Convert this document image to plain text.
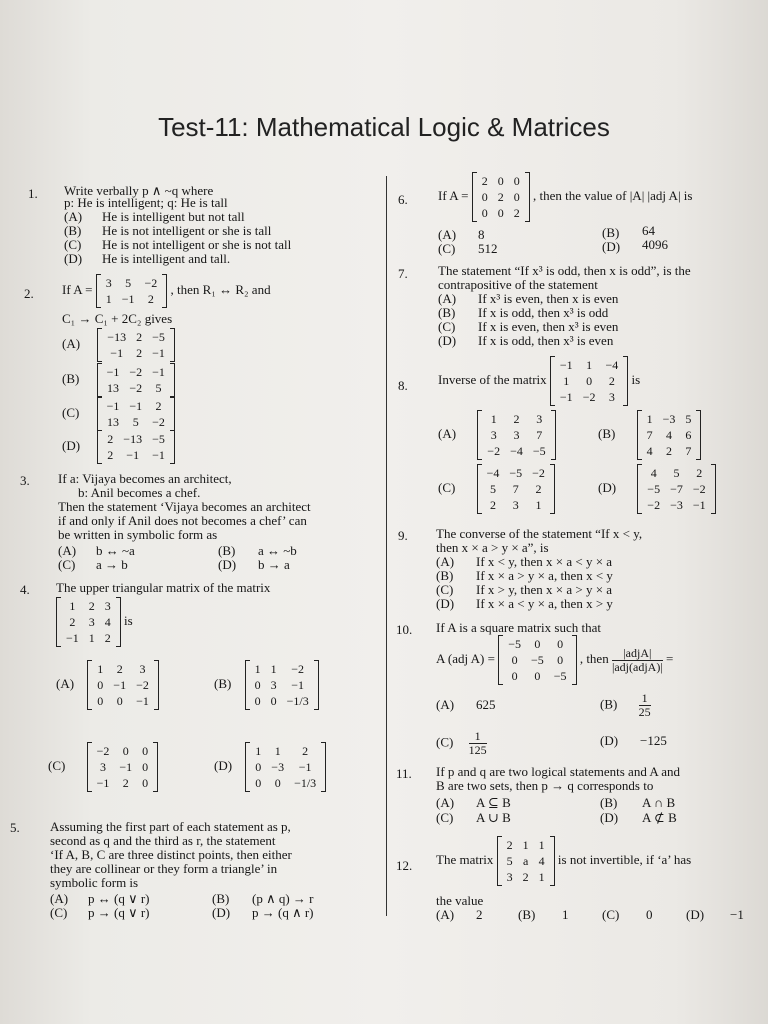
Test-11: Mathematical Logic & Matrices
1. Write verbally p ∧ ~q where
p: He is intelligent; q: He is tall
(A) He is intelligent but not tall
(B) He is not intelligent or she is tall
(C) He is not intelligent or she is not tall
(D) He is intelligent and tall.
2. If A = 3	5	−2
1	−1	2
, then R₁ ↔ R₂ and
C₁ → C₁ + 2C₂ gives
(A) −13	2	−5
−1	2	−1
(B) −1	−2	−1
13	−2	5
(C) −1	−1	2
13	5	−2
(D) 2	−13	−5
2	−1	−1
3. If a: Vijaya becomes an architect,
b: Anil becomes a chef.
Then the statement ‘Vijaya becomes an architect
if and only if Anil does not becomes a chef’ can
be written in symbolic form as
(A) b ↔ ~a	(B) a ↔ ~b
(C) a → b	(D) b → a
4. The upper triangular matrix of the matrix
1	2	3
2	3	4
−1	1	2
is
(A)
1	2	3
0	−1	−2
0	0	−1
(B)
1	1	−2
0	3	−1
0	0	−1/3
(C)
−2	0	0
3	−1	0
−1	2	0
(D)
1	1	2
0	−3	−1
0	0	−1/3
5. Assuming the first part of each statement as p,
second as q and the third as r, the statement
‘If A, B, C are three distinct points, then either
they are collinear or they form a triangle’ in
symbolic form is
(A) p ↔ (q ∨ r)	(B) (p ∧ q) → r
(C) p → (q ∨ r)	(D) p → (q ∧ r)
6. If A =
2	0	0
0	2	0
0	0	2
, then the value of |A| |adj A| is
(A) 8	(B) 64
(C) 512	(D) 4096
7. The statement “If x³ is odd, then x is odd”, is the
contrapositive of the statement
(A) If x³ is even, then x is even
(B) If x is odd, then x³ is odd
(C) If x is even, then x³ is even
(D) If x is odd, then x³ is even
8. Inverse of the matrix
−1	1	−4
1	0	2
−1	−2	3
is
(A)
1	2	3
3	3	7
−2	−4	−5
(B)
1	−3	5
7	4	6
4	2	7
(C)
−4	−5	−2
5	7	2
2	3	1
(D)
4	5	2
−5	−7	−2
−2	−3	−1
9. The converse of the statement “If x < y,
then x × a > y × a”, is
(A) If x < y, then x × a < y × a
(B) If x × a > y × a, then x < y
(C) If x > y, then x × a > y × a
(D) If x × a < y × a, then x > y
10. If A is a square matrix such that
A (adj A) =
−5	0	0
0	−5	0
0	0	−5
, then $\frac{\text{|adjA|}}{\text{|adj(adjA)|}}$ =
(A) 625	$(B) \frac{1}{25}$
$(C) \frac{1}{125}$	(D) −125
11. If p and q are two logical statements and A and
B are two sets, then p → q corresponds to
(A) A ⊆ B	(B) A ∩ B
(C) A ∪ B	(D) A ⊄ B
12. The matrix
2	1	1
5	a	4
3	2	1
is not invertible, if ‘a’ has
the value
(A) 2	(B) 1	(C) 0	(D) −1
